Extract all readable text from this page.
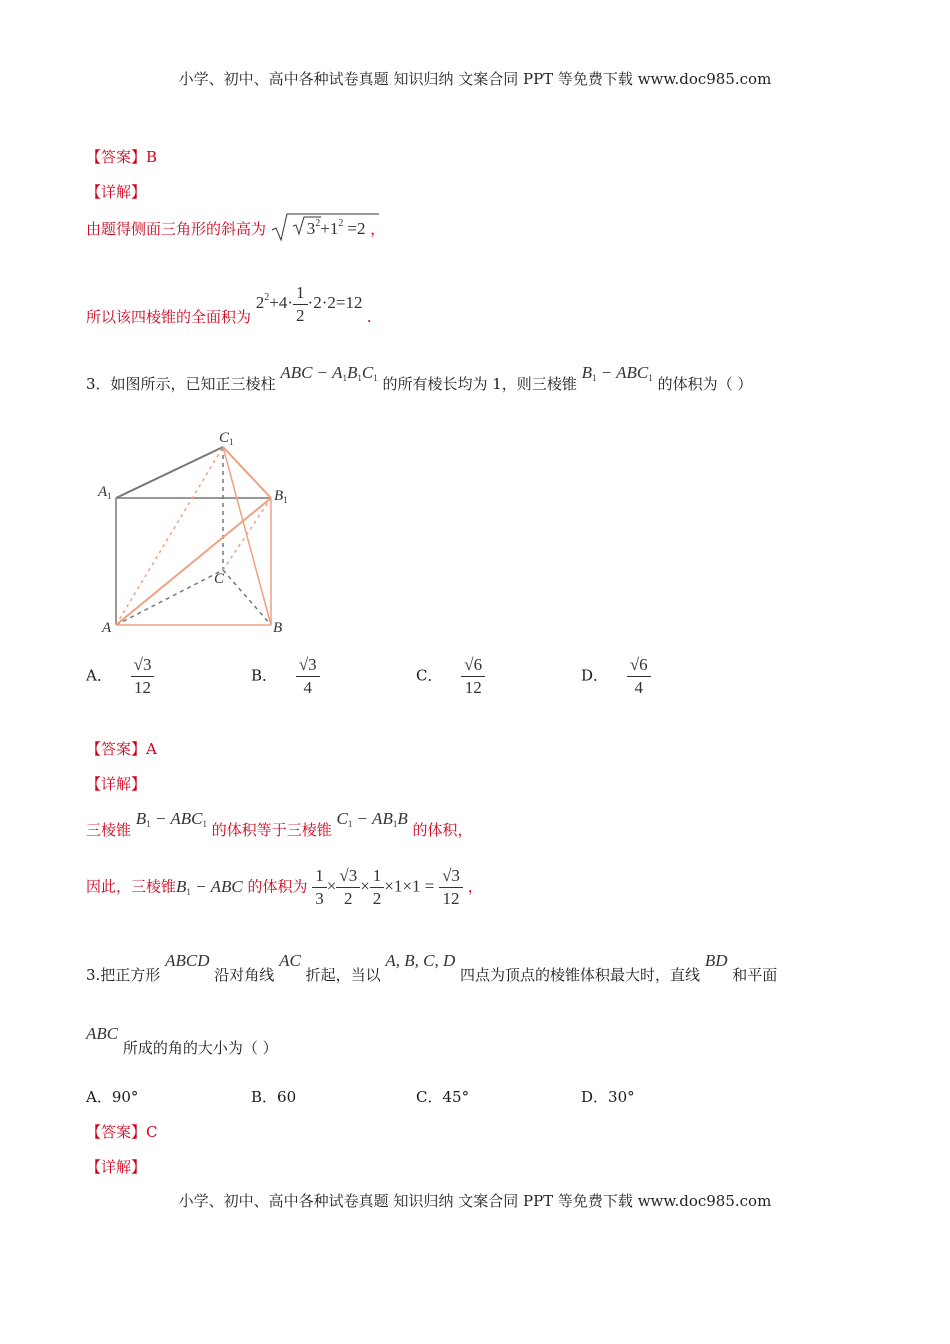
小学、初中、高中各种试卷真题 知识归纳 文案合同 PPT 等免费下载 www.doc985.com
【答案】B
【详解】
由题得侧面三角形的斜高为 $3^2+1^2 =2$ ，
所以该四棱锥的全面积为 $2^2+4\cdot \frac{1}{2} \cdot 2\cdot 2=12$ .
3．如图所示，已知正三棱柱 ABC − $A_1B_1C_1$ 的所有棱长均为 1，则三棱锥 $B_1 - ABC_1$ 的体积为（ ）
$C_1$
$A_1$	$B_1$
C
A	B
A． $\frac{√3}{12}$	B． $\frac{√3}{4}$	C． $\frac{√6}{12}$	D． $\frac{√6}{4}$
【答案】A
【详解】
三棱锥 $B_1 - ABC_1$ 的体积等于三棱锥 $C_1 - AB_1B$ 的体积，
因此，三棱锥$B_1$ − ABC 的体积为 $\frac{1}{3} \times \frac{√3}{2} \times \frac{1}{2} \times 1\times 1 = \frac{√3}{12}$ ，
3.把正方形 ABCD 沿对角线 AC 折起，当以 A, B, C, D 四点为顶点的棱锥体积最大时，直线 BD 和平面
ABC 所成的角的大小为（ ）
A．90°	B．60	C．45°	D．30°
【答案】C
【详解】
小学、初中、高中各种试卷真题 知识归纳 文案合同 PPT 等免费下载 www.doc985.com
